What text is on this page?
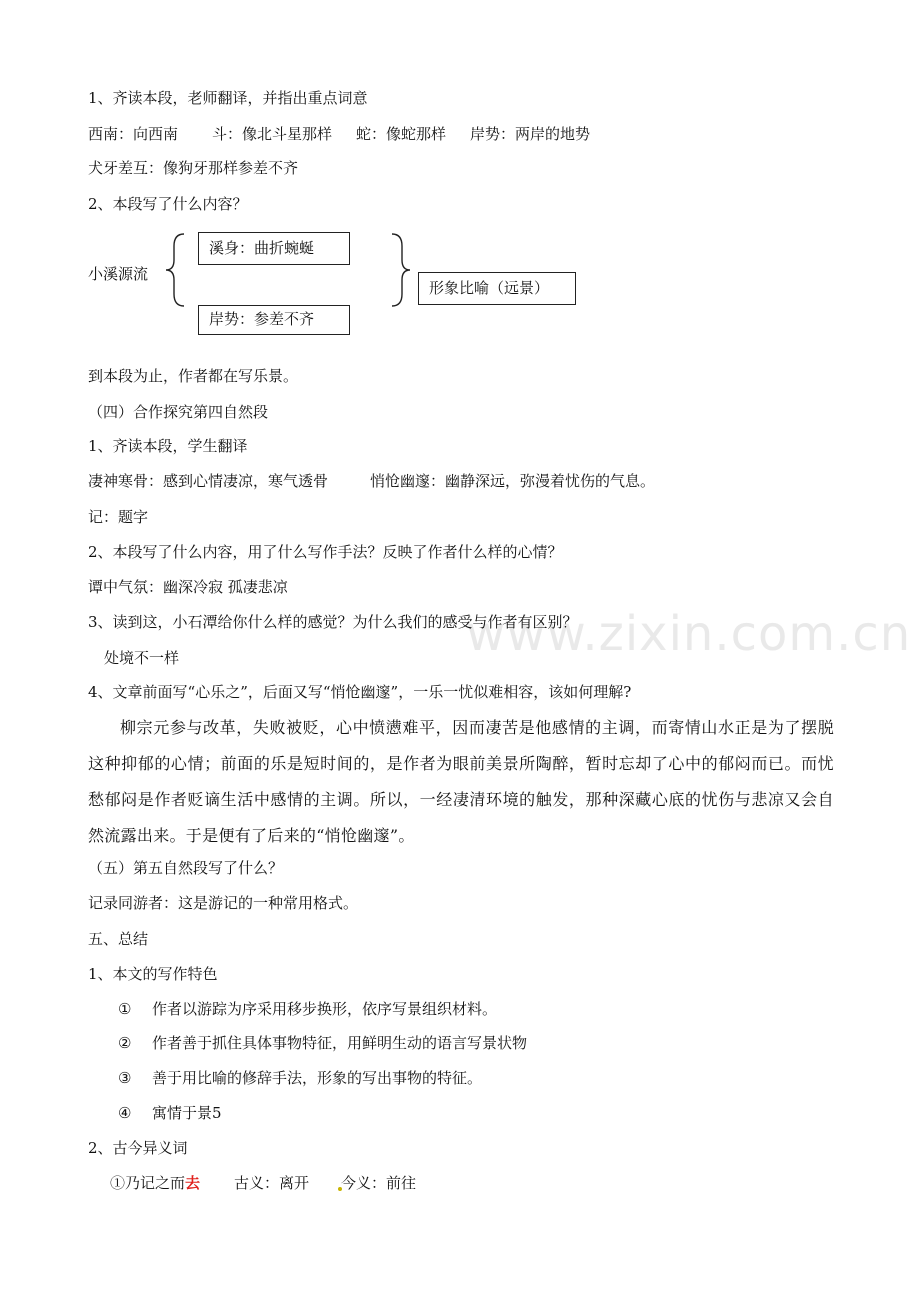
www.zixin.com.cn
1、齐读本段，老师翻译，并指出重点词意
西南：向西南 斗：像北斗星那样 蛇：像蛇那样 岸势：两岸的地势
犬牙差互：像狗牙那样参差不齐
2、本段写了什么内容？
小溪源流
溪身：曲折蜿蜒
岸势：参差不齐
形象比喻（远景）
到本段为止，作者都在写乐景。
（四）合作探究第四自然段
1、齐读本段，学生翻译
凄神寒骨：感到心情凄凉，寒气透骨	悄怆幽邃：幽静深远，弥漫着忧伤的气息。
记：题字
2、本段写了什么内容，用了什么写作手法？反映了作者什么样的心情？
谭中气氛：幽深冷寂 孤凄悲凉
3、读到这，小石潭给你什么样的感觉？为什么我们的感受与作者有区别？
处境不一样
4、文章前面写“心乐之”，后面又写“悄怆幽邃”，一乐一忧似难相容，该如何理解?
柳宗元参与改革，失败被贬，心中愤懑难平，因而凄苦是他感情的主调，而寄情山水正是为了摆脱这种抑郁的心情；前面的乐是短时间的，是作者为眼前美景所陶醉，暂时忘却了心中的郁闷而已。而忧愁郁闷是作者贬谪生活中感情的主调。所以，一经凄清环境的触发，那种深藏心底的忧伤与悲凉又会自然流露出来。于是便有了后来的“悄怆幽邃”。
（五）第五自然段写了什么？
记录同游者：这是游记的一种常用格式。
五、总结
1、本文的写作特色
① 作者以游踪为序采用移步换形，依序写景组织材料。
② 作者善于抓住具体事物特征，用鲜明生动的语言写景状物
③ 善于用比喻的修辞手法，形象的写出事物的特征。
④ 寓情于景5
2、古今异义词
①乃记之而去 古义：离开 今义：前往
